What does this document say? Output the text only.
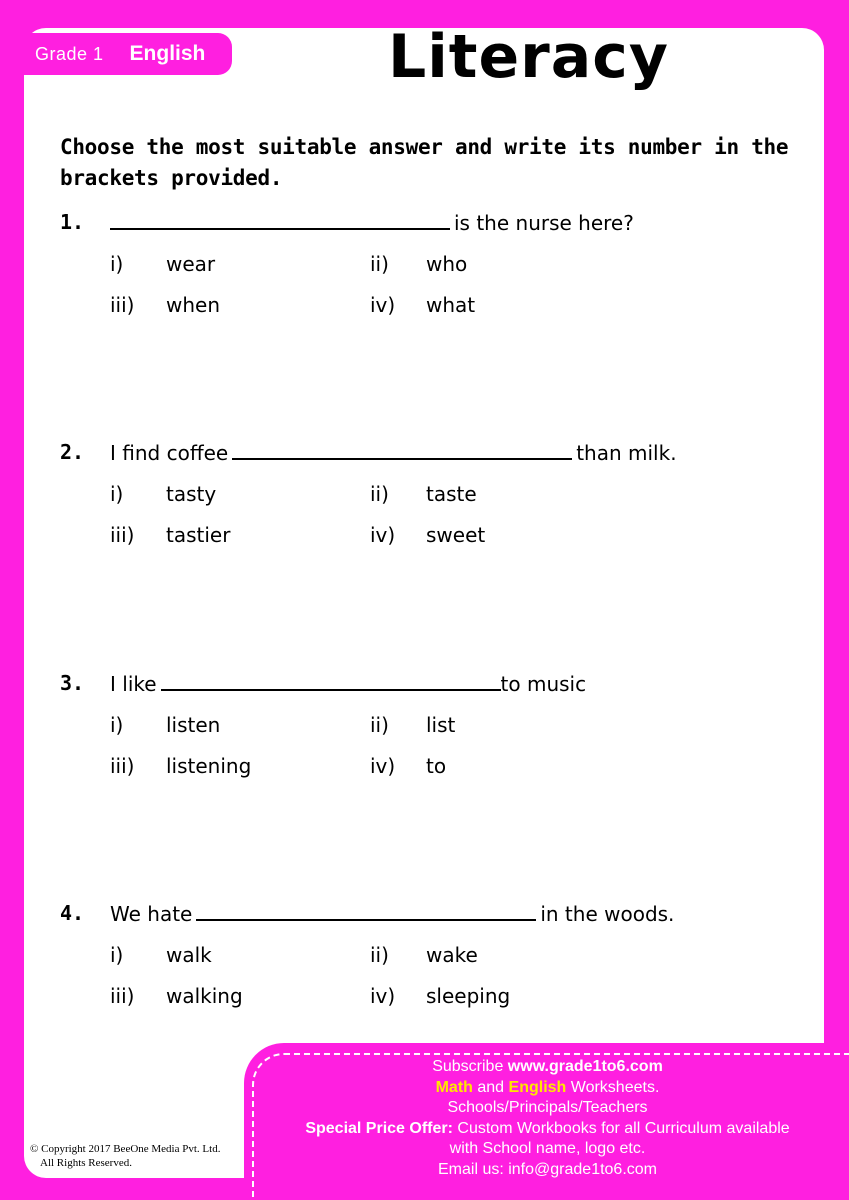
Grade 1 English	Literacy
Choose the most suitable answer and write its number in the brackets provided.
1.	is the nurse here?
i) wear	ii) who
iii) when	iv) what
2. I find coffee	than milk.
i) tasty	ii) taste
iii) tastier	iv) sweet
3. I like	to music
i) listen	ii) list
iii) listening	iv) to
4. We hate	in the woods.
i) walk	ii) wake
iii) walking	iv) sleeping
Subscribe www.grade1to6.com
Math and English Worksheets.
Schools/Principals/Teachers
Special Price Offer: Custom Workbooks for all Curriculum available
with School name, logo etc.
Email us: info@grade1to6.com
© Copyright 2017 BeeOne Media Pvt. Ltd.
All Rights Reserved.
